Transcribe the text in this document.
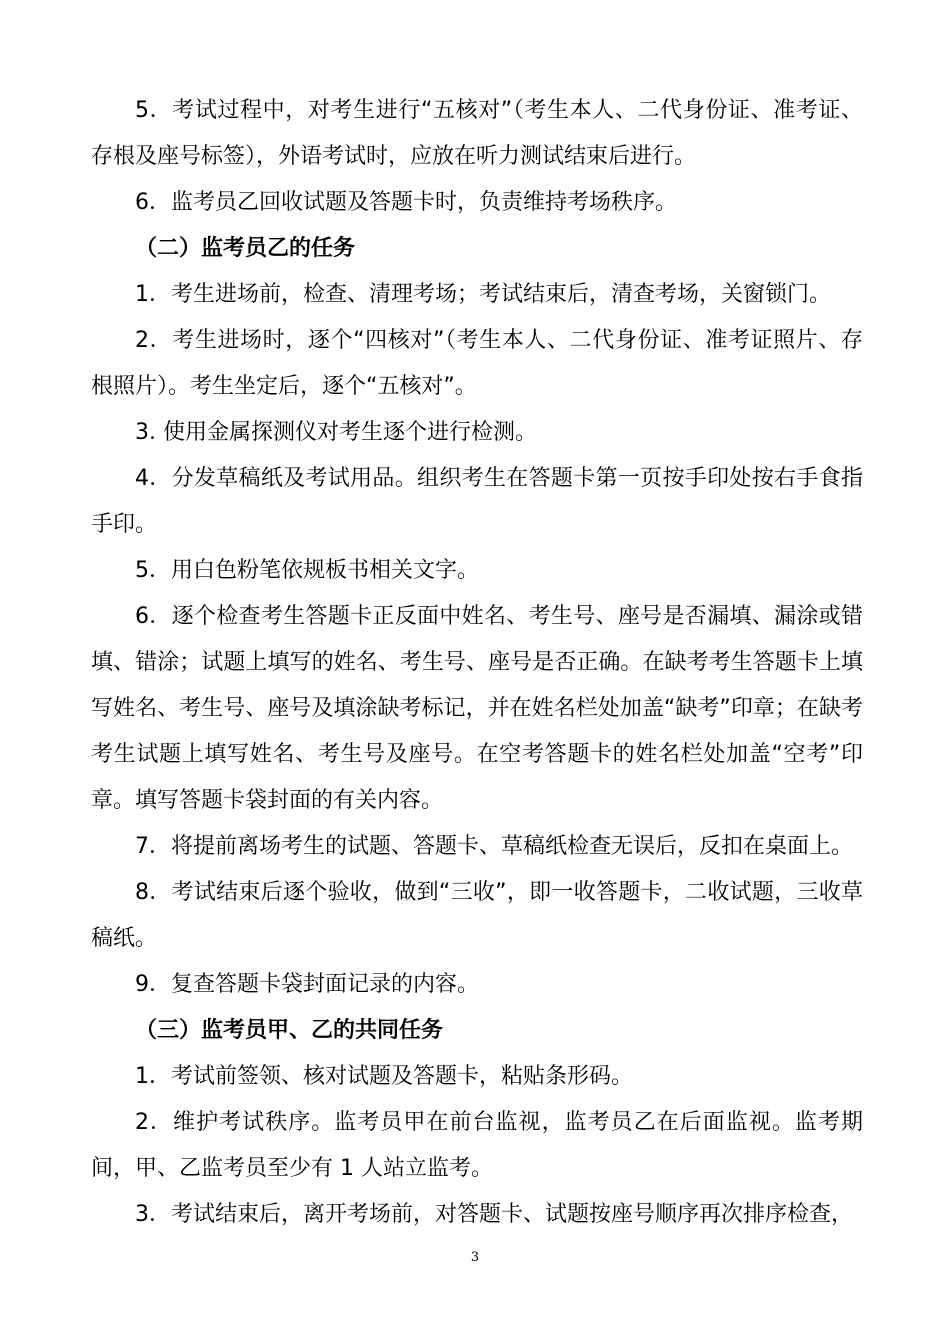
5．考试过程中，对考生进行“五核对”（考生本人、二代身份证、准考证、存根及座号标签），外语考试时，应放在听力测试结束后进行。

6．监考员乙回收试题及答题卡时，负责维持考场秩序。

（二）监考员乙的任务

1．考生进场前，检查、清理考场；考试结束后，清查考场，关窗锁门。

2．考生进场时，逐个“四核对”（考生本人、二代身份证、准考证照片、存根照片）。考生坐定后，逐个“五核对”。

3. 使用金属探测仪对考生逐个进行检测。

4．分发草稿纸及考试用品。组织考生在答题卡第一页按手印处按右手食指手印。

5．用白色粉笔依规板书相关文字。

6．逐个检查考生答题卡正反面中姓名、考生号、座号是否漏填、漏涂或错填、错涂；试题上填写的姓名、考生号、座号是否正确。在缺考考生答题卡上填写姓名、考生号、座号及填涂缺考标记，并在姓名栏处加盖“缺考”印章；在缺考考生试题上填写姓名、考生号及座号。在空考答题卡的姓名栏处加盖“空考”印章。填写答题卡袋封面的有关内容。

7．将提前离场考生的试题、答题卡、草稿纸检查无误后，反扣在桌面上。

8．考试结束后逐个验收，做到“三收”，即一收答题卡，二收试题，三收草稿纸。

9．复查答题卡袋封面记录的内容。

（三）监考员甲、乙的共同任务

1．考试前签领、核对试题及答题卡，粘贴条形码。

2．维护考试秩序。监考员甲在前台监视，监考员乙在后面监视。监考期间，甲、乙监考员至少有 1 人站立监考。

3．考试结束后，离开考场前，对答题卡、试题按座号顺序再次排序检查，

3
